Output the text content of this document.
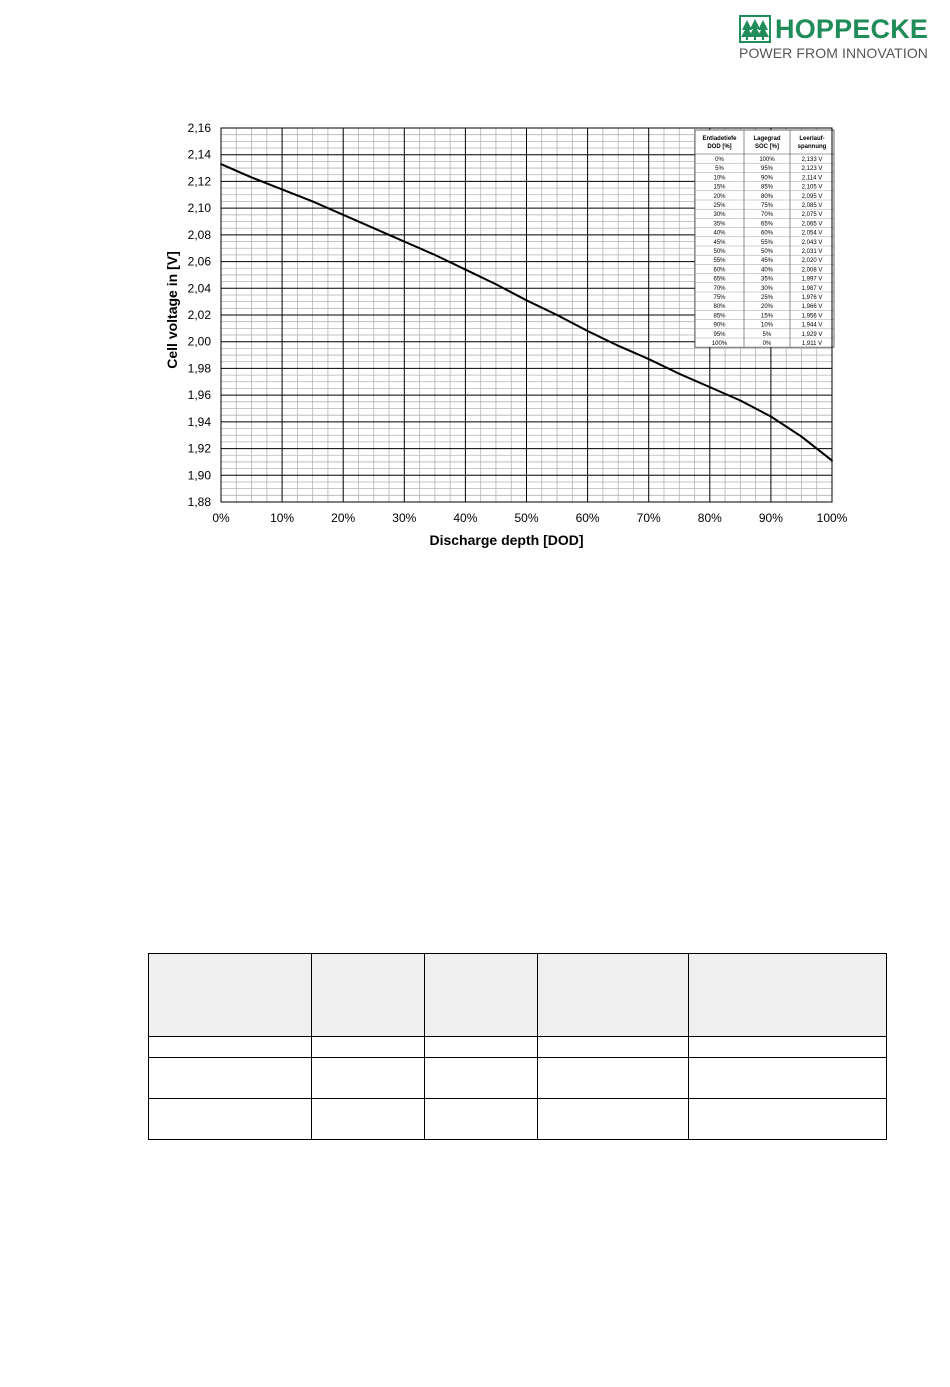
HOPPECKE
POWER FROM INNOVATION
1,88
1,90
1,92
1,94
1,96
1,98
2,00
2,02
2,04
2,06
2,08
2,10
2,12
2,14
2,16
0%	10%	20%	30%	40%	50%	60%	70%	80%	90%	100%
Discharge depth [DOD]
Cell voltage in [V]
Entladetiefe DOD [%]
Lagegrad SOC [%]
Leerlauf-spannung
0%	100%	2,133 V
5%	95%	2,123 V
10%	90%	2,114 V
15%	85%	2,105 V
20%	80%	2,095 V
25%	75%	2,085 V
30%	70%	2,075 V
35%	65%	2,065 V
40%	60%	2,054 V
45%	55%	2,043 V
50%	50%	2,031 V
55%	45%	2,020 V
60%	40%	2,008 V
65%	35%	1,997 V
70%	30%	1,987 V
75%	25%	1,976 V
80%	20%	1,966 V
85%	15%	1,956 V
90%	10%	1,944 V
95%	5%	1,929 V
100%	0%	1,911 V
